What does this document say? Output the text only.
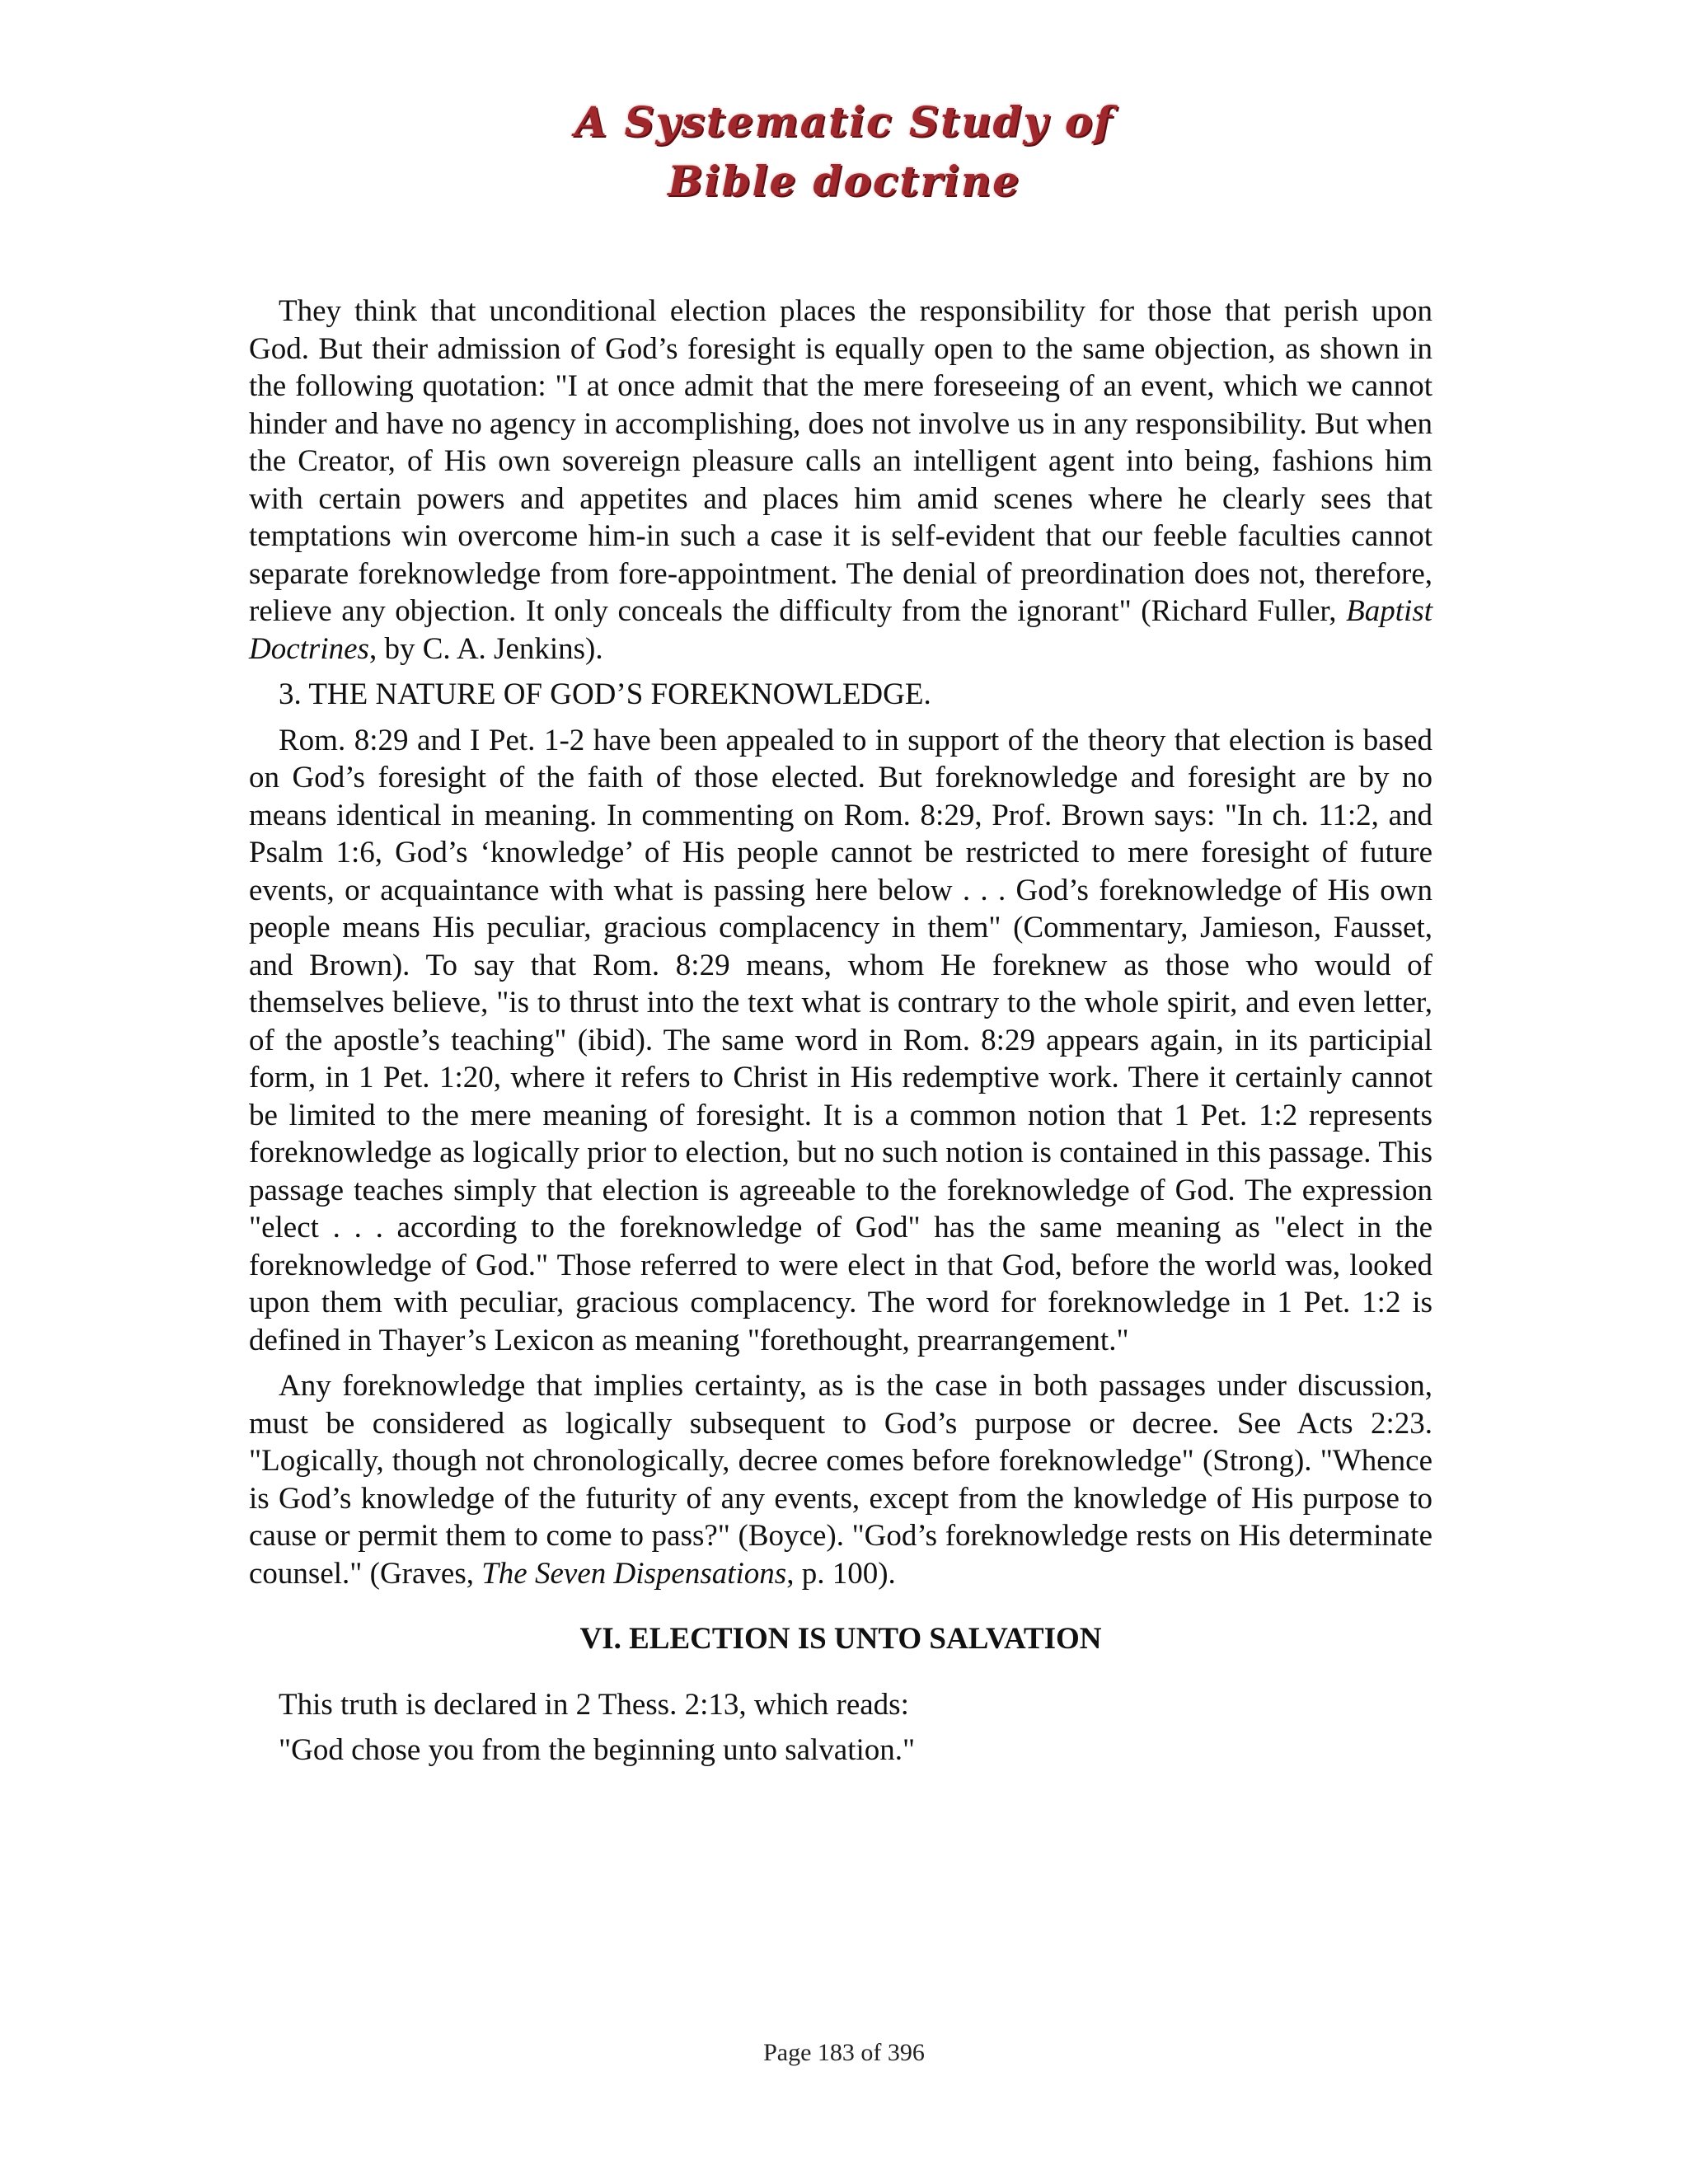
A Systematic Study of
Bible doctrine

They think that unconditional election places the responsibility for those that perish upon God. But their admission of God’s foresight is equally open to the same objection, as shown in the following quotation: "I at once admit that the mere foreseeing of an event, which we cannot hinder and have no agency in accomplishing, does not involve us in any responsibility. But when the Creator, of His own sovereign pleasure calls an intelligent agent into being, fashions him with certain powers and appetites and places him amid scenes where he clearly sees that temptations win overcome him-in such a case it is self-evident that our feeble faculties cannot separate foreknowledge from fore-appointment. The denial of preordination does not, therefore, relieve any objection. It only conceals the difficulty from the ignorant" (Richard Fuller, Baptist Doctrines, by C. A. Jenkins).

3. THE NATURE OF GOD’S FOREKNOWLEDGE.

Rom. 8:29 and I Pet. 1-2 have been appealed to in support of the theory that election is based on God’s foresight of the faith of those elected. But foreknowledge and foresight are by no means identical in meaning. In commenting on Rom. 8:29, Prof. Brown says: "In ch. 11:2, and Psalm 1:6, God’s ‘knowledge’ of His people cannot be restricted to mere foresight of future events, or acquaintance with what is passing here below . . . God’s foreknowledge of His own people means His peculiar, gracious complacency in them" (Commentary, Jamieson, Fausset, and Brown). To say that Rom. 8:29 means, whom He foreknew as those who would of themselves believe, "is to thrust into the text what is contrary to the whole spirit, and even letter, of the apostle’s teaching" (ibid). The same word in Rom. 8:29 appears again, in its participial form, in 1 Pet. 1:20, where it refers to Christ in His redemptive work. There it certainly cannot be limited to the mere meaning of foresight. It is a common notion that 1 Pet. 1:2 represents foreknowledge as logically prior to election, but no such notion is contained in this passage. This passage teaches simply that election is agreeable to the foreknowledge of God. The expression "elect . . . according to the foreknowledge of God" has the same meaning as "elect in the foreknowledge of God." Those referred to were elect in that God, before the world was, looked upon them with peculiar, gracious complacency. The word for foreknowledge in 1 Pet. 1:2 is defined in Thayer’s Lexicon as meaning "forethought, prearrangement."

Any foreknowledge that implies certainty, as is the case in both passages under discussion, must be considered as logically subsequent to God’s purpose or decree. See Acts 2:23. "Logically, though not chronologically, decree comes before foreknowledge" (Strong). "Whence is God’s knowledge of the futurity of any events, except from the knowledge of His purpose to cause or permit them to come to pass?" (Boyce). "God’s foreknowledge rests on His determinate counsel." (Graves, The Seven Dispensations, p. 100).

VI. ELECTION IS UNTO SALVATION

This truth is declared in 2 Thess. 2:13, which reads:

"God chose you from the beginning unto salvation."

Page 183 of 396
